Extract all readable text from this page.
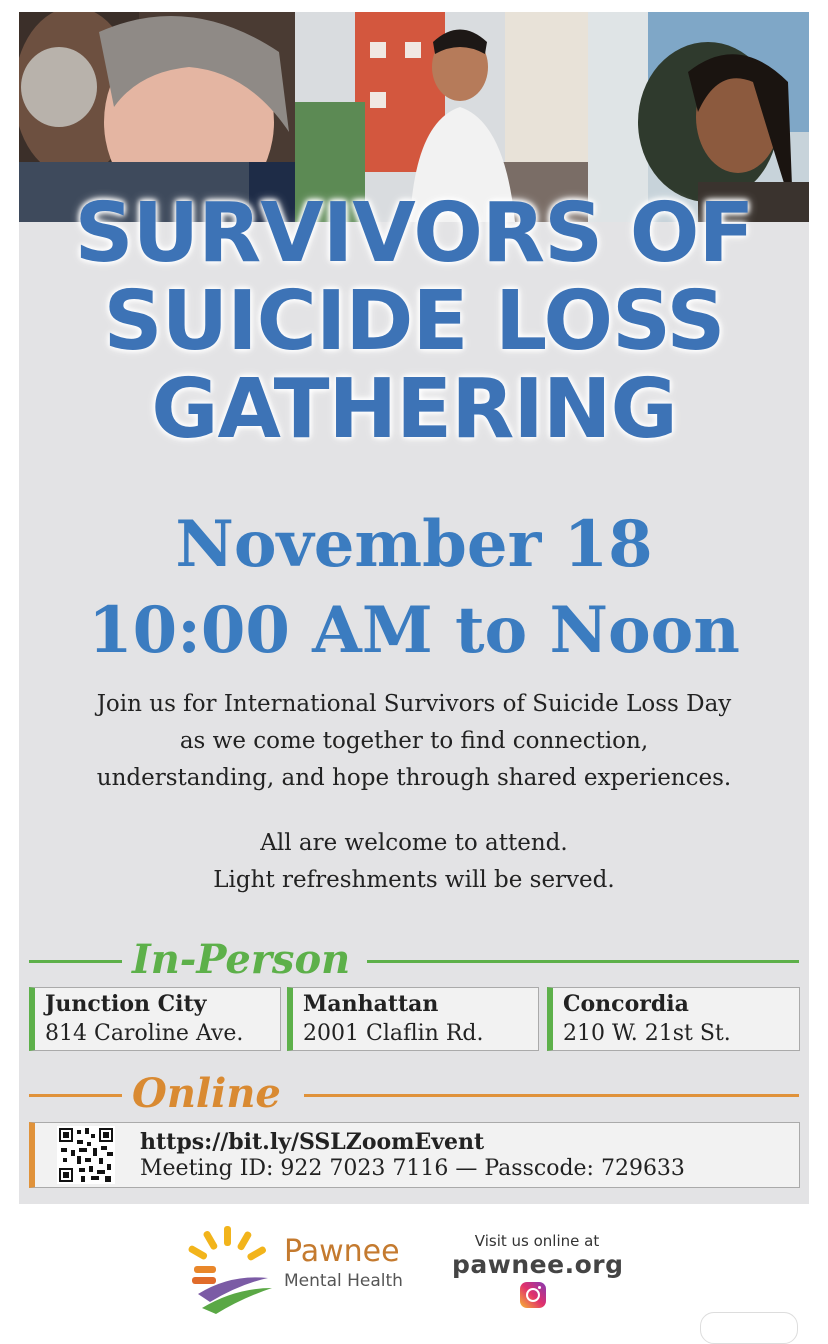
SURVIVORS OF
SUICIDE LOSS
GATHERING
November 18
10:00 AM to Noon
Join us for International Survivors of Suicide Loss Day
as we come together to find connection,
understanding, and hope through shared experiences.
All are welcome to attend.
Light refreshments will be served.
In-Person
Junction City
814 Caroline Ave.
Manhattan
2001 Claflin Rd.
Concordia
210 W. 21st St.
Online
https://bit.ly/SSLZoomEvent
Meeting ID: 922 7023 7116 — Passcode: 729633
Pawnee
Mental Health
Visit us online at
pawnee.org
